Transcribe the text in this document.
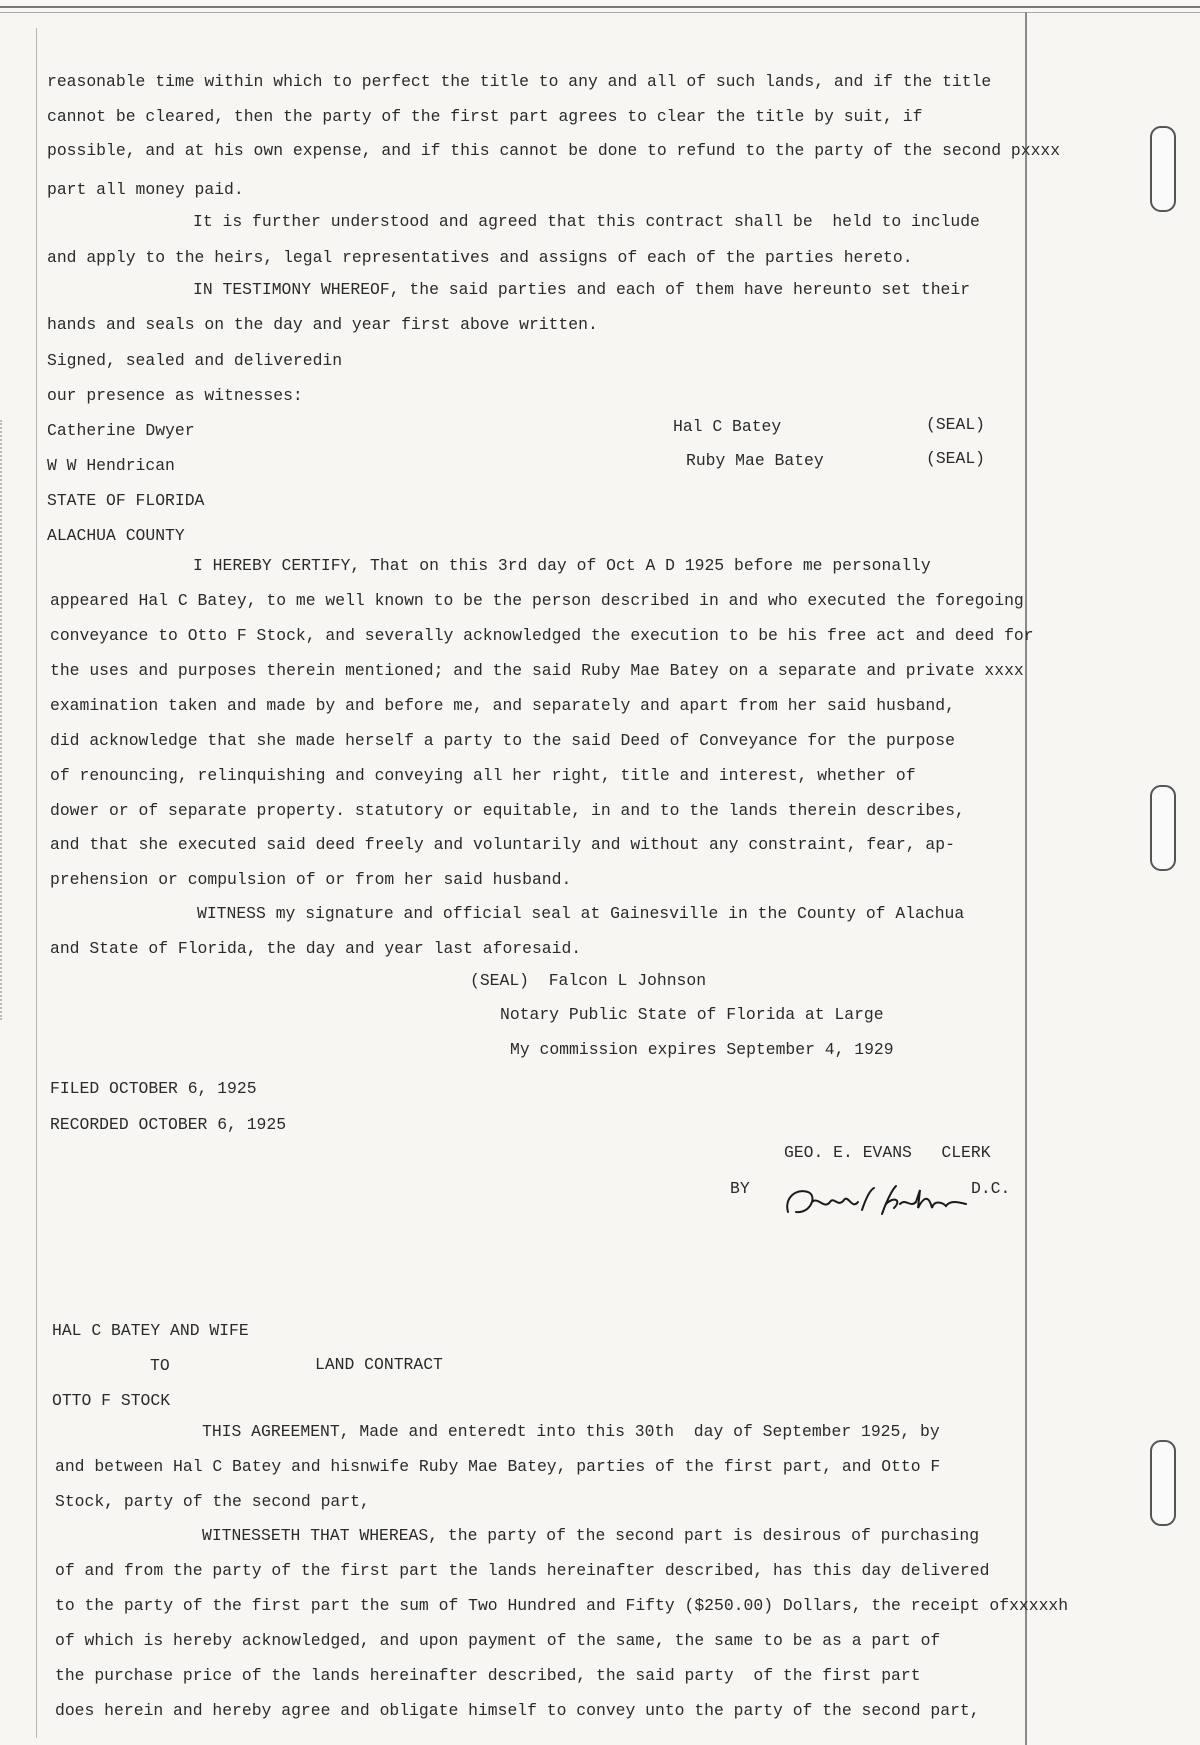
reasonable time within which to perfect the title to any and all of such lands, and if the title
cannot be cleared, then the party of the first part agrees to clear the title by suit, if
possible, and at his own expense, and if this cannot be done to refund to the party of the second pxxxx
part all money paid.
It is further understood and agreed that this contract shall be  held to include
and apply to the heirs, legal representatives and assigns of each of the parties hereto.
IN TESTIMONY WHEREOF, the said parties and each of them have hereunto set their
hands and seals on the day and year first above written.
Signed, sealed and deliveredin
our presence as witnesses:
Catherine Dwyer	Hal C Batey	(SEAL)
W W Hendrican	Ruby Mae Batey	(SEAL)
STATE OF FLORIDA
ALACHUA COUNTY
I HEREBY CERTIFY, That on this 3rd day of Oct A D 1925 before me personally
appeared Hal C Batey, to me well known to be the person described in and who executed the foregoing
conveyance to Otto F Stock, and severally acknowledged the execution to be his free act and deed for
the uses and purposes therein mentioned; and the said Ruby Mae Batey on a separate and private xxxx
examination taken and made by and before me, and separately and apart from her said husband,
did acknowledge that she made herself a party to the said Deed of Conveyance for the purpose
of renouncing, relinquishing and conveying all her right, title and interest, whether of
dower or of separate property. statutory or equitable, in and to the lands therein describes,
and that she executed said deed freely and voluntarily and without any constraint, fear, ap-
prehension or compulsion of or from her said husband.
WITNESS my signature and official seal at Gainesville in the County of Alachua
and State of Florida, the day and year last aforesaid.
(SEAL)  Falcon L Johnson
Notary Public State of Florida at Large
My commission expires September 4, 1929
FILED OCTOBER 6, 1925
RECORDED OCTOBER 6, 1925
GEO. E. EVANS   CLERK
BY	D.C.
HAL C BATEY AND WIFE
TO	LAND CONTRACT
OTTO F STOCK
THIS AGREEMENT, Made and enteredt into this 30th  day of September 1925, by
and between Hal C Batey and hisnwife Ruby Mae Batey, parties of the first part, and Otto F
Stock, party of the second part,
WITNESSETH THAT WHEREAS, the party of the second part is desirous of purchasing
of and from the party of the first part the lands hereinafter described, has this day delivered
to the party of the first part the sum of Two Hundred and Fifty ($250.00) Dollars, the receipt ofxxxxxh
of which is hereby acknowledged, and upon payment of the same, the same to be as a part of
the purchase price of the lands hereinafter described, the said party  of the first part
does herein and hereby agree and obligate himself to convey unto the party of the second part,
